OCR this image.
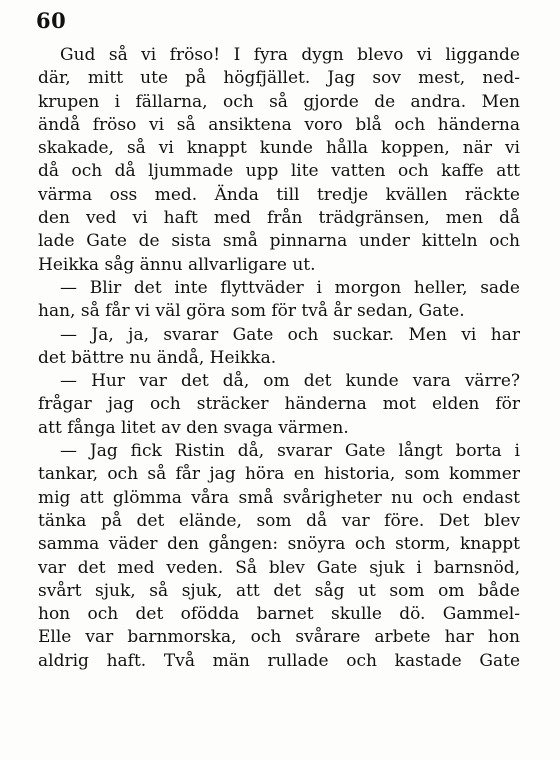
60
Gud så vi fröso! I fyra dygn blevo vi liggande
där, mitt ute på högfjället. Jag sov mest, ned-
krupen i fällarna, och så gjorde de andra. Men
ändå fröso vi så ansiktena voro blå och händerna
skakade, så vi knappt kunde hålla koppen, när vi
då och då ljummade upp lite vatten och kaffe att
värma oss med. Ända till tredje kvällen räckte
den ved vi haft med från trädgränsen, men då
lade Gate de sista små pinnarna under kitteln och
Heikka såg ännu allvarligare ut.
— Blir det inte flyttväder i morgon heller, sade
han, så får vi väl göra som för två år sedan, Gate.
— Ja, ja, svarar Gate och suckar. Men vi har
det bättre nu ändå, Heikka.
— Hur var det då, om det kunde vara värre?
frågar jag och sträcker händerna mot elden för
att fånga litet av den svaga värmen.
— Jag fick Ristin då, svarar Gate långt borta i
tankar, och så får jag höra en historia, som kommer
mig att glömma våra små svårigheter nu och endast
tänka på det elände, som då var före. Det blev
samma väder den gången: snöyra och storm, knappt
var det med veden. Så blev Gate sjuk i barnsnöd,
svårt sjuk, så sjuk, att det såg ut som om både
hon och det ofödda barnet skulle dö. Gammel-
Elle var barnmorska, och svårare arbete har hon
aldrig haft. Två män rullade och kastade Gate
